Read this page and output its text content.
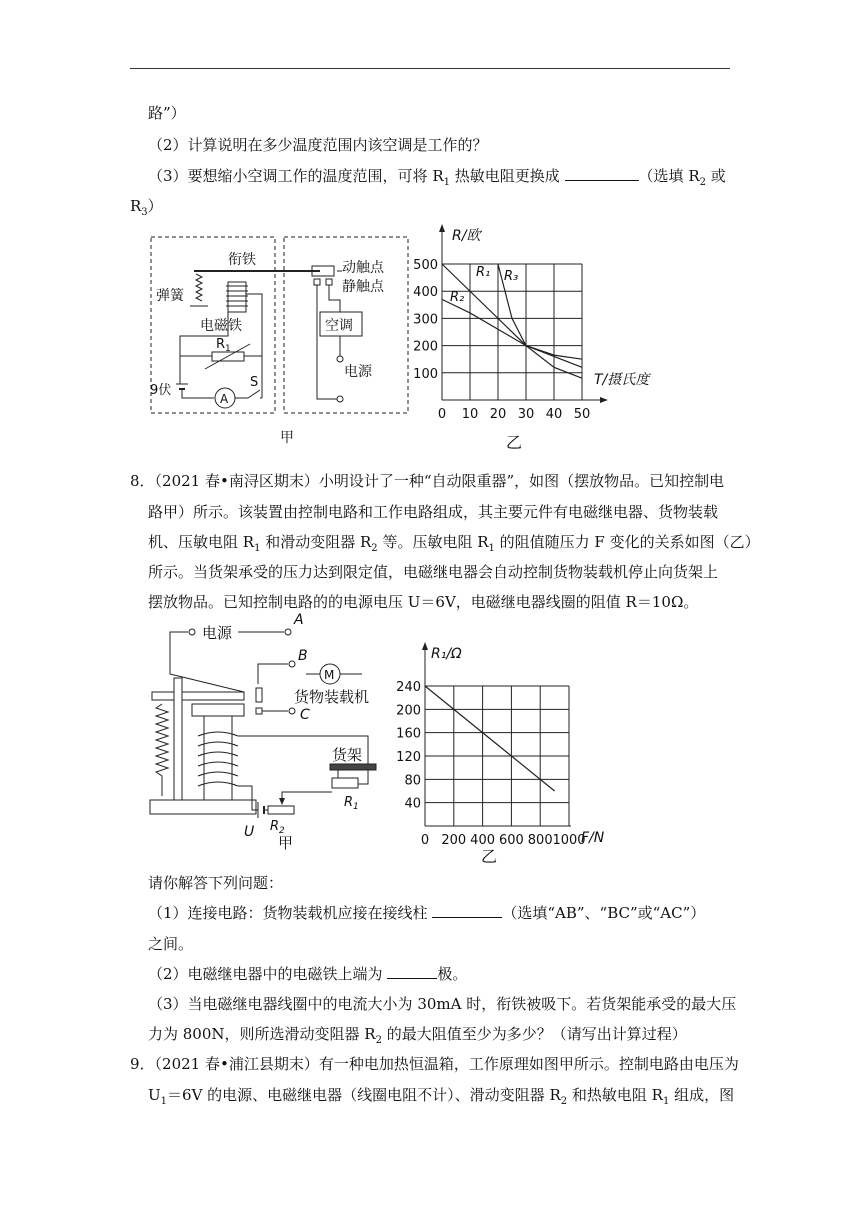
路”）
（2）计算说明在多少温度范围内该空调是工作的？
（3）要想缩小空调工作的温度范围，可将 $R_1$ 热敏电阻更换成	（选填 $R_2$ 或
$R_3$）
衔铁
弹簧
电磁铁
$R_1$
9伏
A
S
动触点
静触点
空调
电源
甲
0 10 20 30 40 50
100
200
300
400
500
R/欧
T/摄氏度
R₁
R₂
R₃
乙
8．（2021 春•南浔区期末）小明设计了一种“自动限重器”，如图（摆放物品。已知控制电
路甲）所示。该装置由控制电路和工作电路组成，其主要元件有电磁继电器、货物装载
机、压敏电阻 $R_1$ 和滑动变阻器 $R_2$ 等。压敏电阻 $R_1$ 的阻值随压力 F 变化的关系如图（乙）
所示。当货架承受的压力达到限定值，电磁继电器会自动控制货物装载机停止向货架上
摆放物品。已知控制电路的的电源电压 U＝6V，电磁继电器线圈的阻值 R＝10Ω。
电源
A
B
M
货物装载机
C
U $R_2$
货架
$R_1$
甲	0 200 400 600 800 1000
40
80
120
160
200
240
R₁/Ω
F/N
乙
请你解答下列问题：
（1）连接电路：货物装载机应接在接线柱	（选填“AB”、“BC”或“AC”）
之间。
（2）电磁继电器中的电磁铁上端为	极。
（3）当电磁继电器线圈中的电流大小为 30mA 时，衔铁被吸下。若货架能承受的最大压
力为 800N，则所选滑动变阻器 $R_2$ 的最大阻值至少为多少？（请写出计算过程）
9．（2021 春•浦江县期末）有一种电加热恒温箱，工作原理如图甲所示。控制电路由电压为
$U_1=6V$ 的电源、电磁继电器（线圈电阻不计）、滑动变阻器 $R_2$ 和热敏电阻 $R_1$ 组成，图
